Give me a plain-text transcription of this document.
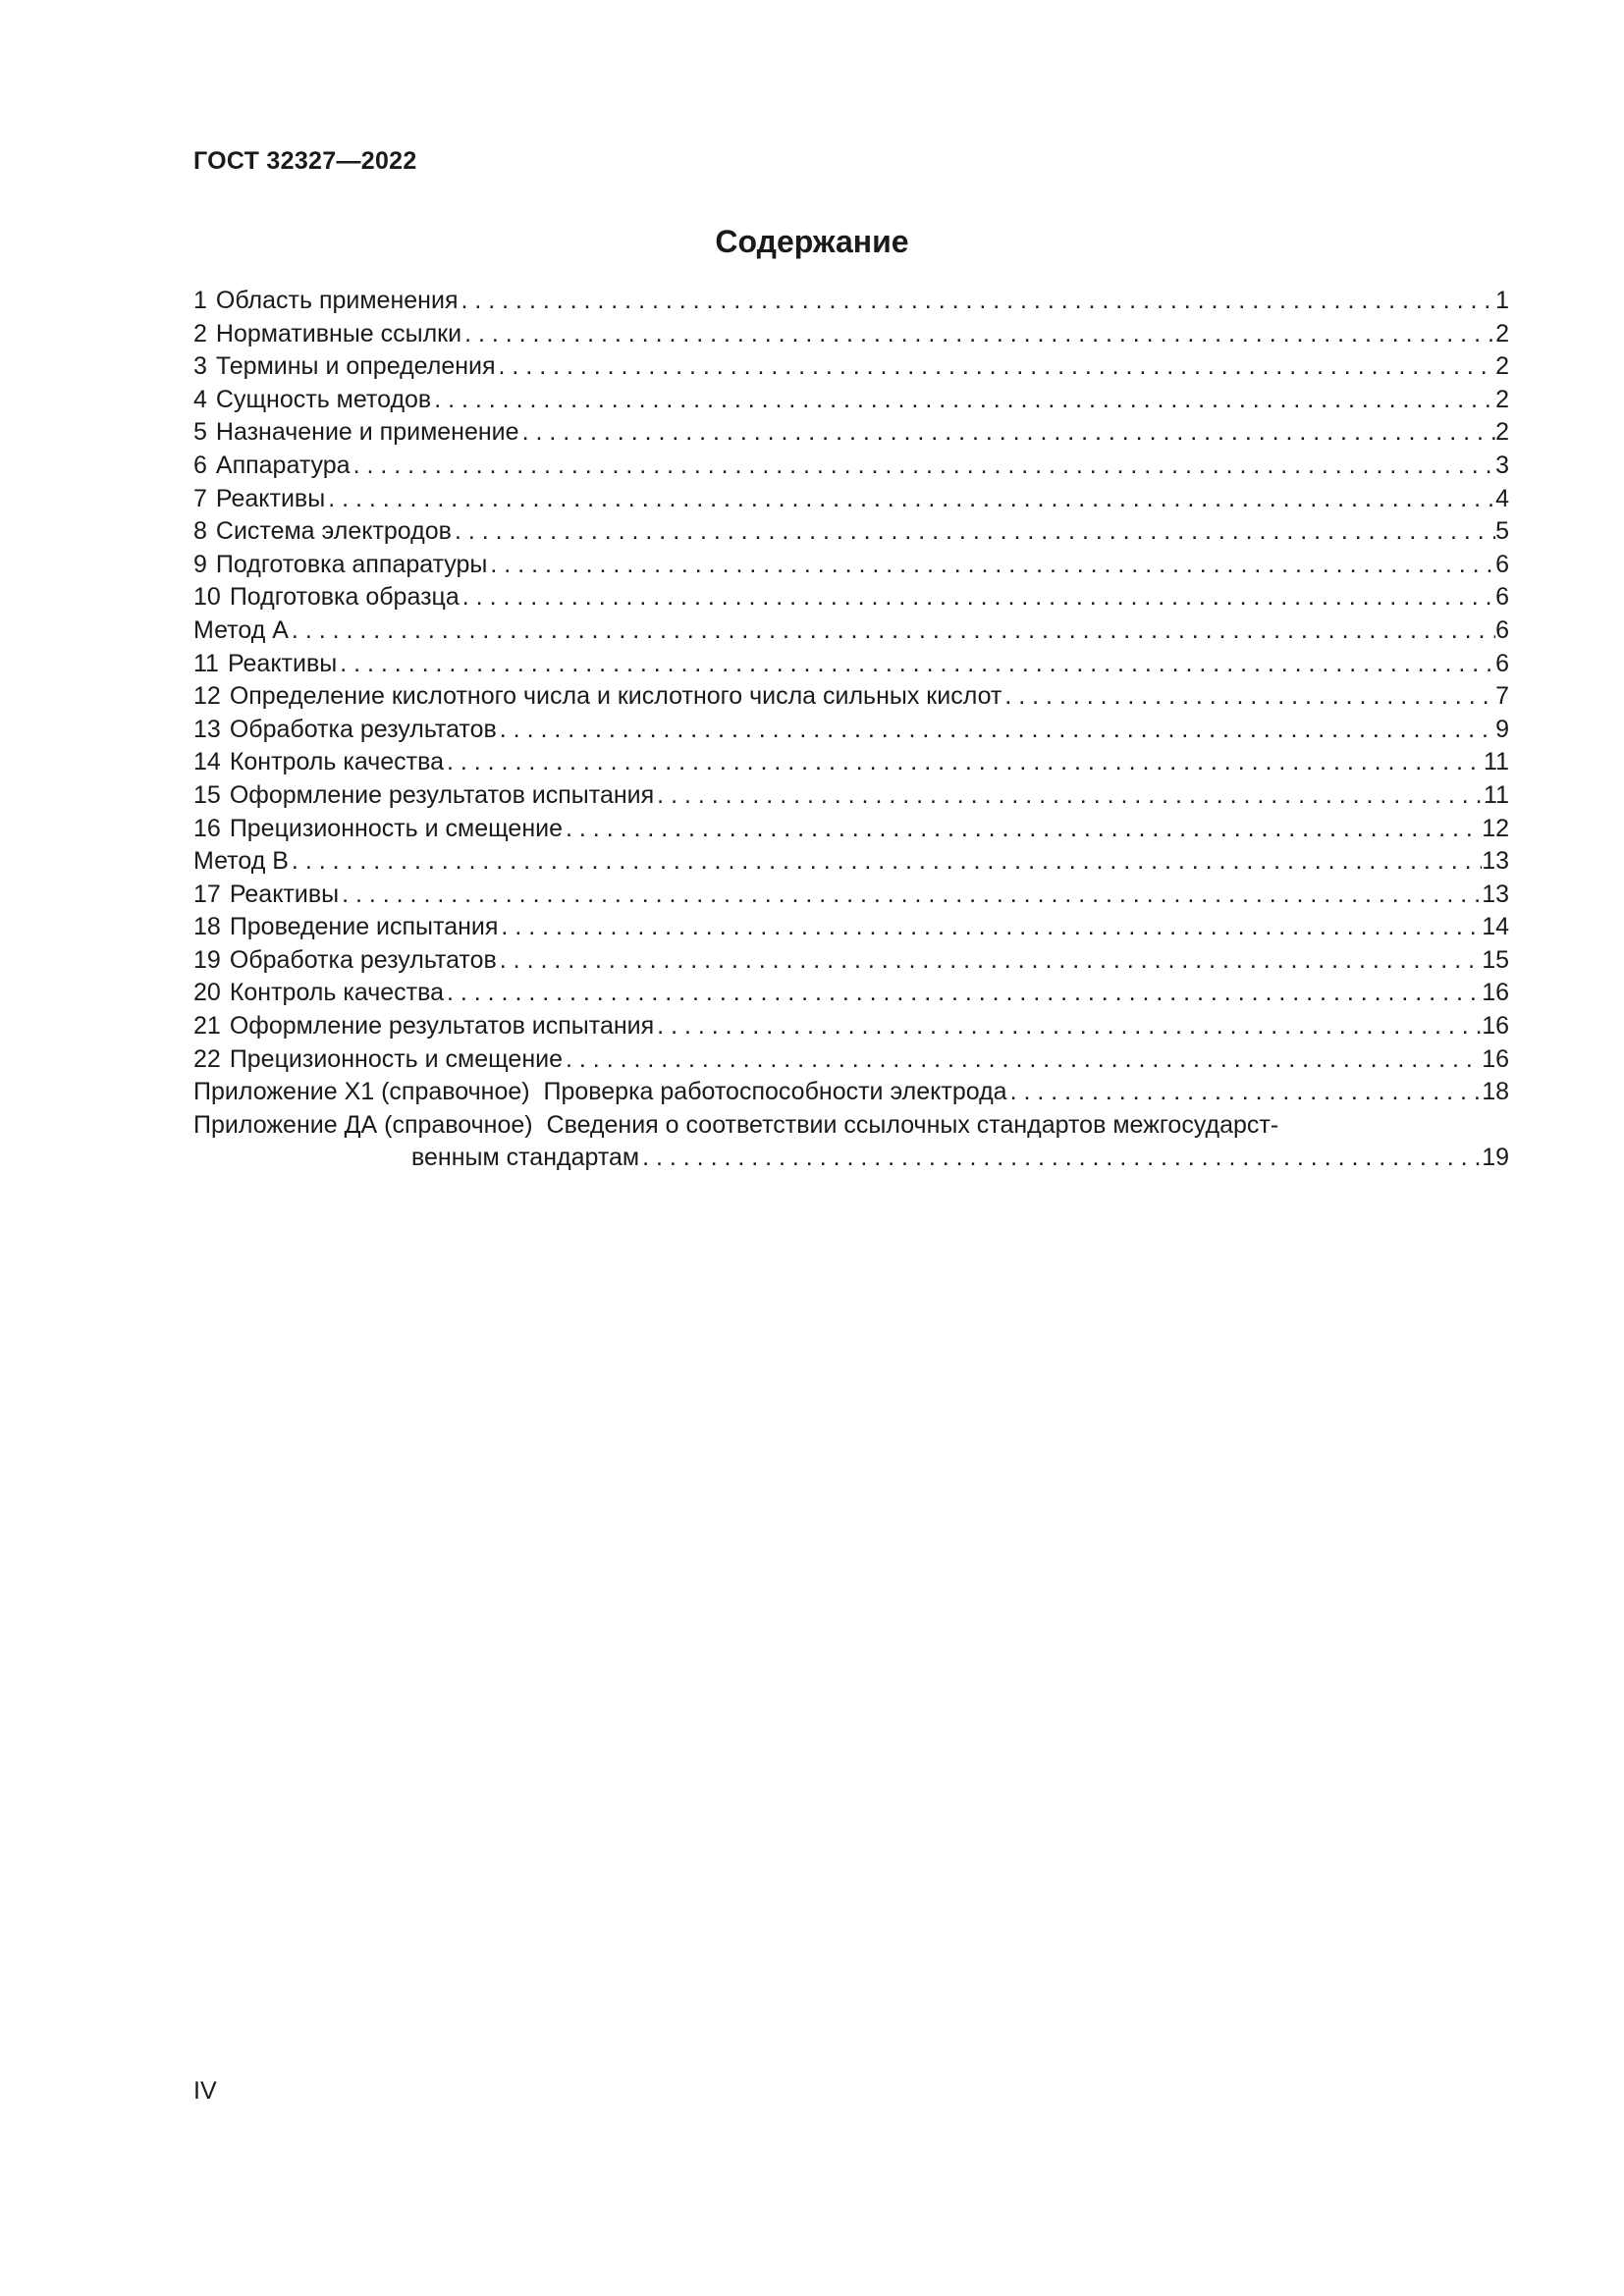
ГОСТ 32327—2022
Содержание
1 Область применения . . .	1
2 Нормативные ссылки . . .	2
3 Термины и определения . . .	2
4 Сущность методов . . .	2
5 Назначение и применение . . .	2
6 Аппаратура . . .	3
7 Реактивы . . .	4
8 Система электродов . . .	5
9 Подготовка аппаратуры . . .	6
10 Подготовка образца . . .	6
Метод А . . .	6
11 Реактивы . . .	6
12 Определение кислотного числа и кислотного числа сильных кислот . . .	7
13 Обработка результатов . . .	9
14 Контроль качества . . .	11
15 Оформление результатов испытания . . .	11
16 Прецизионность и смещение . . .	12
Метод В . . .	13
17 Реактивы . . .	13
18 Проведение испытания . . .	14
19 Обработка результатов . . .	15
20 Контроль качества . . .	16
21 Оформление результатов испытания . . .	16
22 Прецизионность и смещение . . .	16
Приложение Х1 (справочное)  Проверка работоспособности электрода . . .	18
Приложение ДА (справочное)  Сведения о соответствии ссылочных стандартов межгосударст-
венным стандартам . . .	19
IV
